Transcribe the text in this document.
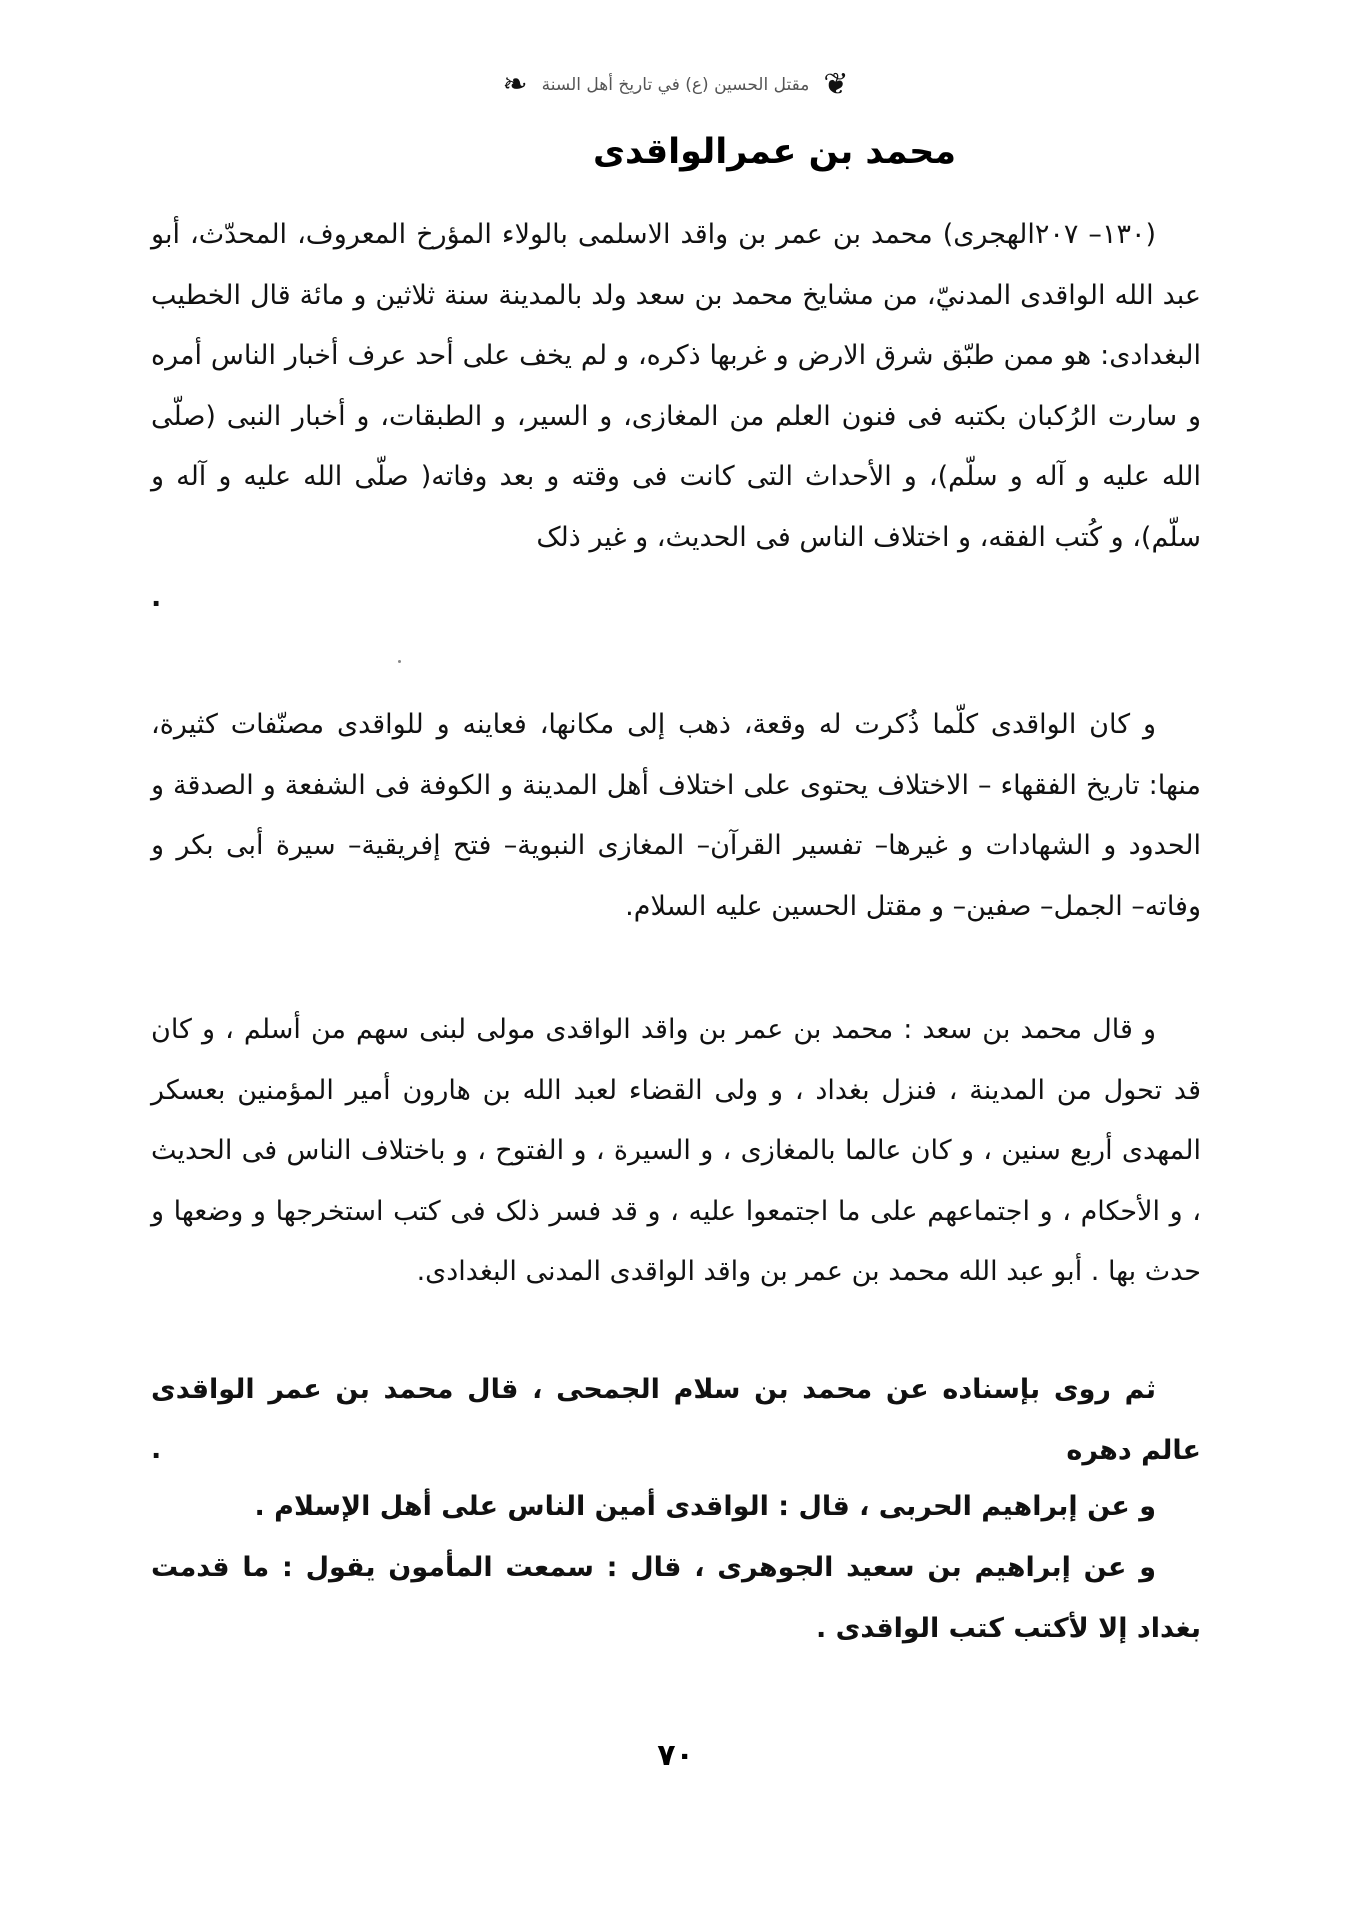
❦
مقتل الحسين (ع) في تاريخ أهل السنة
❧
محمد بن عمرالواقدى

(١٣٠– ٢٠٧الهجرى) محمد بن عمر بن واقد الاسلمى بالولاء المؤرخ المعروف، المحدّث، أبو عبد الله الواقدى المدنيّ، من مشايخ محمد بن سعد ولد بالمدينة سنة ثلاثين و مائة قال الخطيب البغدادى: هو ممن طبّق شرق الارض و غربها ذكره، و لم يخف على أحد عرف أخبار الناس أمره و سارت الرُكبان بكتبه فى فنون العلم من المغازى، و السير، و الطبقات، و أخبار النبى (صلّى الله عليه و آله و سلّم)، و الأحداث التى كانت فى وقته و بعد وفاته( صلّى الله عليه و آله و سلّم)، و كُتب الفقه، و اختلاف الناس فى الحديث، و غير ذلک

.

و كان الواقدى كلّما ذُكرت له وقعة، ذهب إلى مكانها، فعاينه و للواقدى مصنّفات كثيرة، منها: تاريخ الفقهاء – الاختلاف يحتوى على اختلاف أهل المدينة و الكوفة فى الشفعة و الصدقة و الحدود و الشهادات و غيرها– تفسير القرآن– المغازى النبوية– فتح إفريقية– سيرة أبى بكر و وفاته– الجمل– صفين– و مقتل الحسين عليه السلام.

و قال محمد بن سعد : محمد بن عمر بن واقد الواقدى مولى لبنى سهم من أسلم ، و كان قد تحول من المدينة ، فنزل بغداد ، و ولى القضاء لعبد الله بن هارون أمير المؤمنين بعسكر المهدى أربع سنين ، و كان عالما بالمغازى ، و السيرة ، و الفتوح ، و باختلاف الناس فى الحديث ، و الأحكام ، و اجتماعهم على ما اجتمعوا عليه ، و قد فسر ذلک فى كتب استخرجها و وضعها و حدث بها . أبو عبد الله محمد بن عمر بن واقد الواقدى المدنى البغدادى.

ثم روى بإسناده عن محمد بن سلام الجمحى ، قال محمد بن عمر الواقدى عالم دهره

.

و عن إبراهيم الحربى ، قال : الواقدى أمين الناس على أهل الإسلام .

و عن إبراهيم بن سعيد الجوهرى ، قال : سمعت المأمون يقول : ما قدمت بغداد إلا لأكتب كتب الواقدى .

٧٠
